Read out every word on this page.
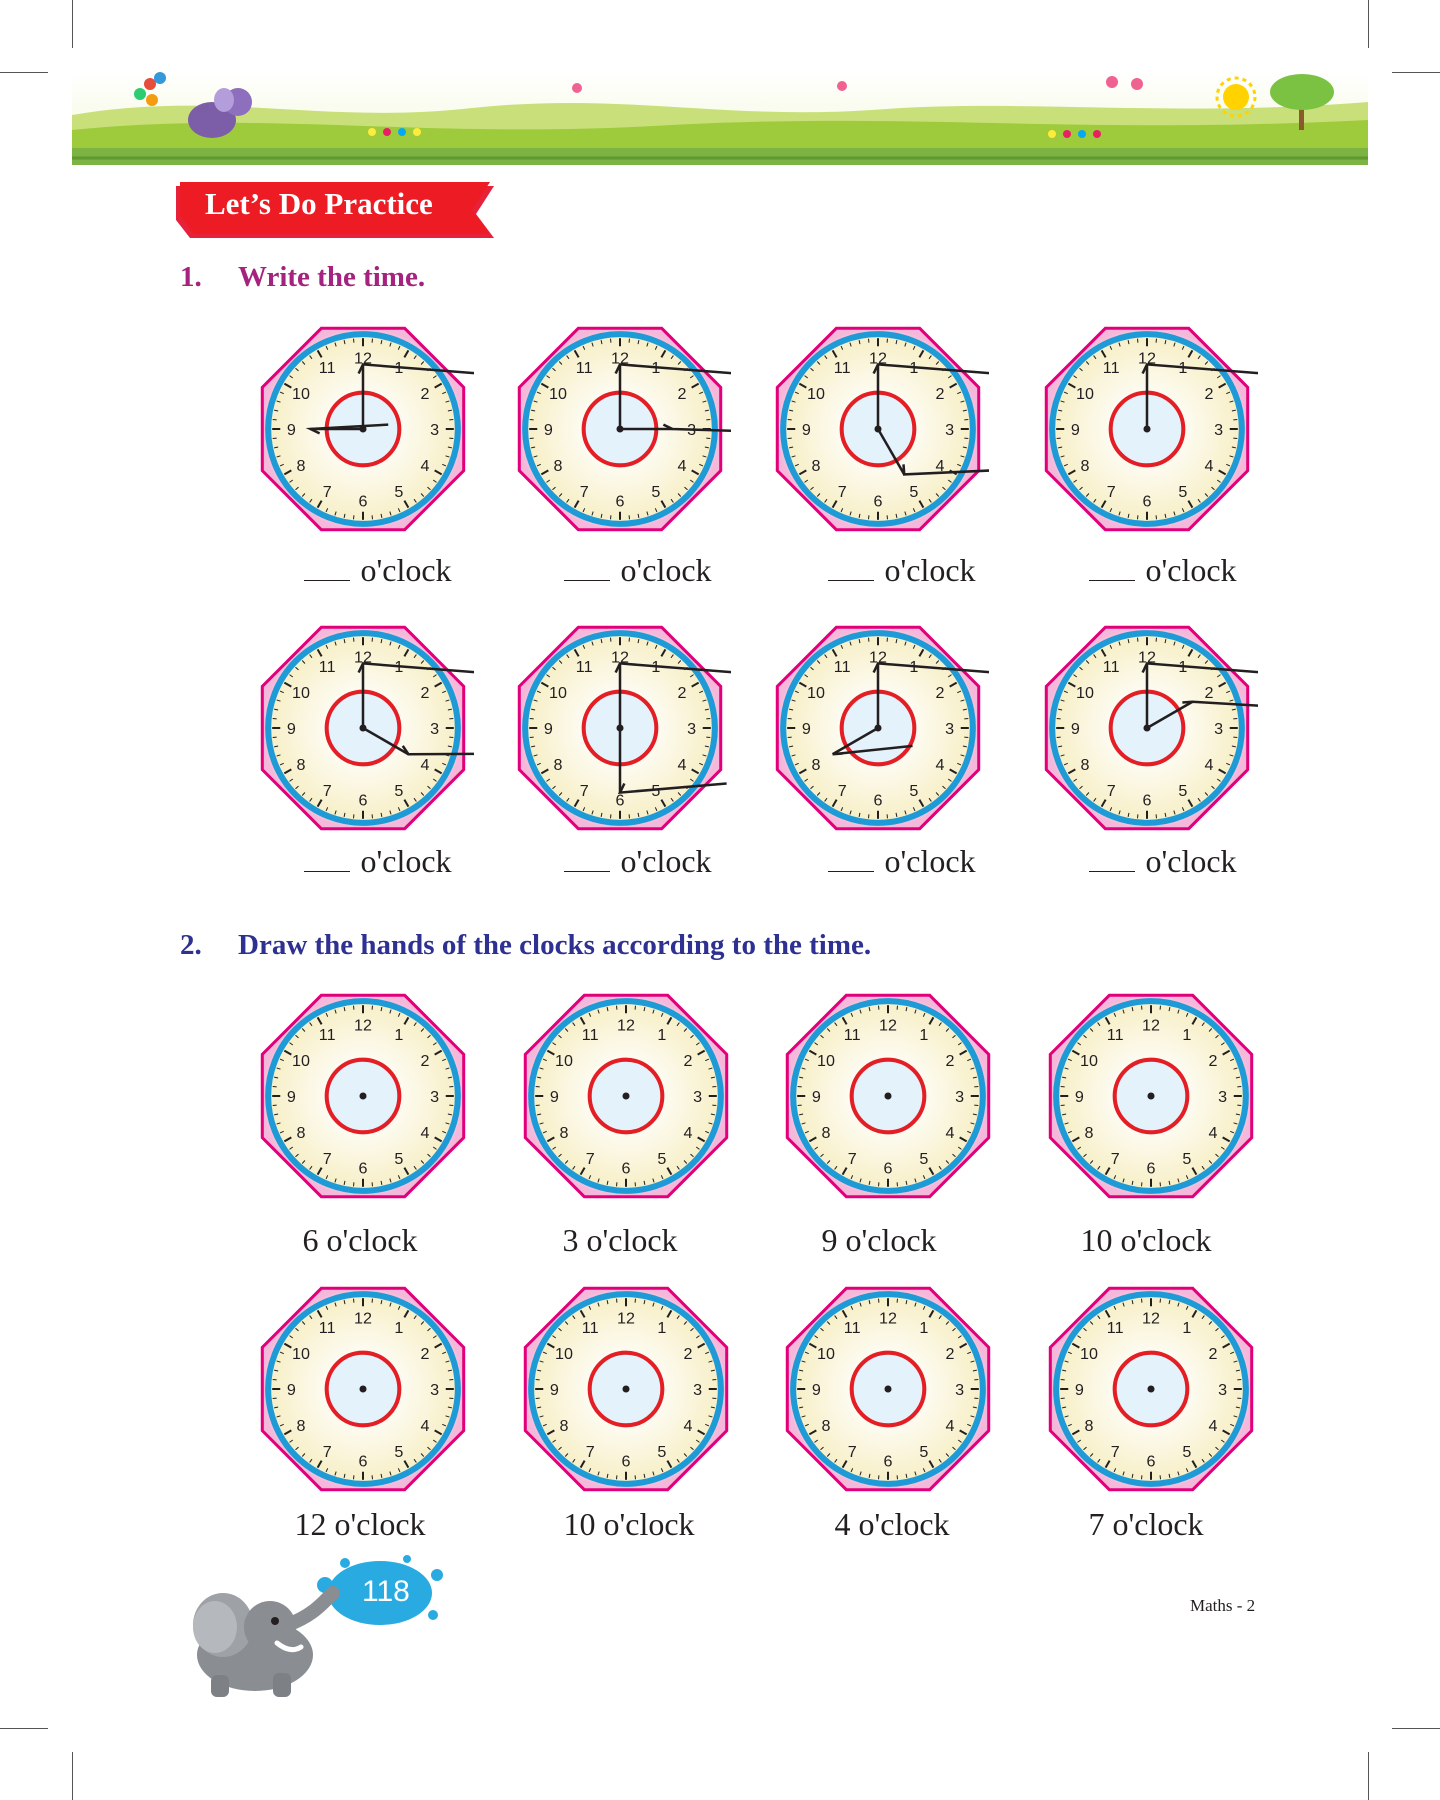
Let’s Do Practice
1. Write the time.
2. Draw the hands of the clocks according to the time.
12
1
2
3
4
5
6
7
8
9
10
11
12
1
2
3
4
5
6
7
8
9
10
11
12
1
2
3
4
5
6
7
8
9
10
11
12
1
2
3
4
5
6
7
8
9
10
11
12
1
2
3
4
5
6
7
8
9
10
11
12
1
2
3
4
5
6
7
8
9
10
11
12
1
2
3
4
5
6
7
8
9
10
11
12
1
2
3
4
5
6
7
8
9
10
11
o'clock	o'clock	o'clock	o'clock
o'clock	o'clock	o'clock	o'clock
12
1
2
3
4
5
6
7
8
9
10
11
12
1
2
3
4
5
6
7
8
9
10
11
12
1
2
3
4
5
6
7
8
9
10
11
12
1
2
3
4
5
6
7
8
9
10
11
12
1
2
3
4
5
6
7
8
9
10
11
12
1
2
3
4
5
6
7
8
9
10
11
12
1
2
3
4
5
6
7
8
9
10
11
12
1
2
3
4
5
6
7
8
9
10
11
6 o'clock	3 o'clock	9 o'clock	10 o'clock
12 o'clock	10 o'clock	4 o'clock	7 o'clock
118	Maths - 2
